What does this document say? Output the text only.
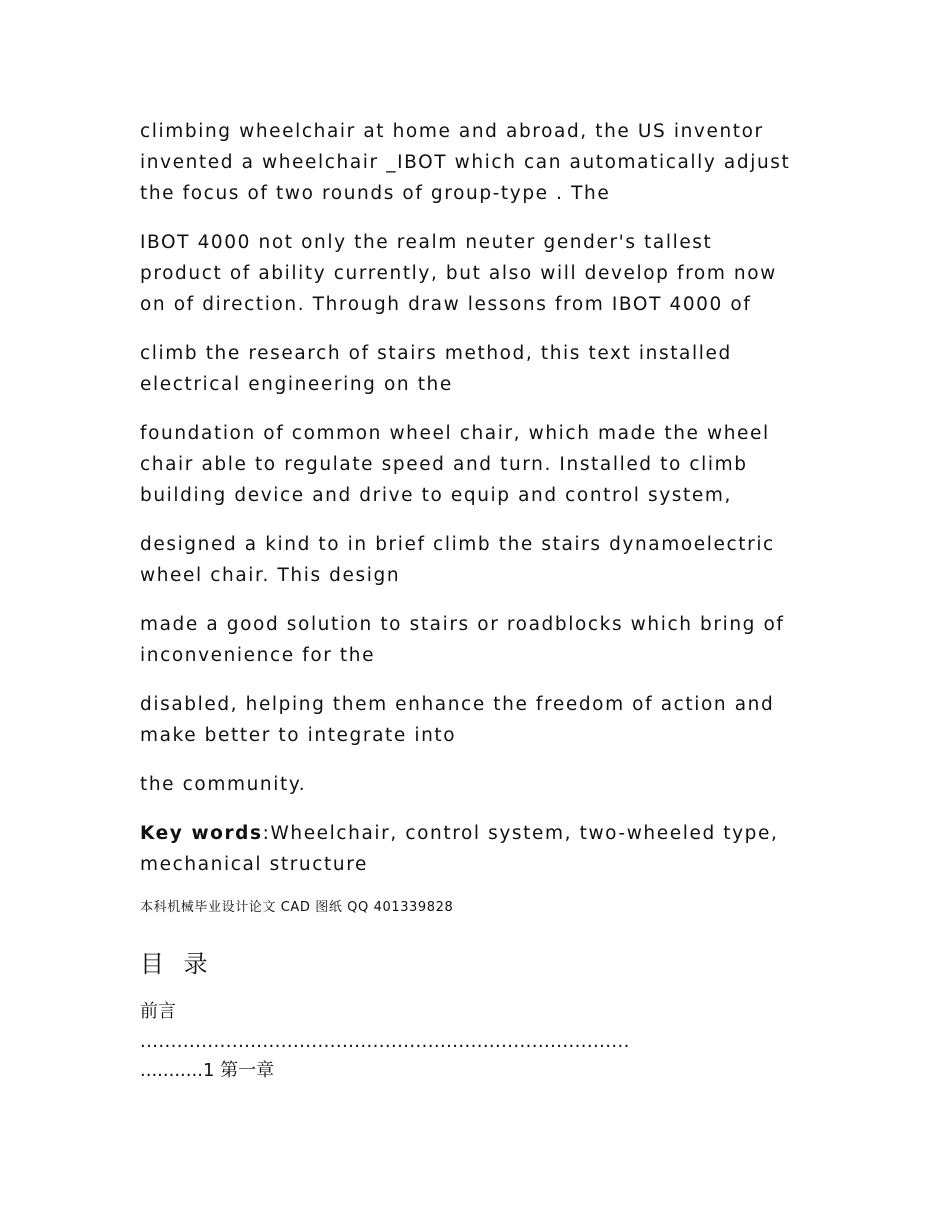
climbing wheelchair at home and abroad, the US inventor
invented a wheelchair _IBOT which can automatically adjust
the focus of two rounds of group-type . The

IBOT 4000 not only the realm neuter gender's tallest
product of ability currently, but also will develop from now
on of direction. Through draw lessons from IBOT 4000 of

climb the research of stairs method, this text installed
electrical engineering on the

foundation of common wheel chair, which made the wheel
chair able to regulate speed and turn. Installed to climb
building device and drive to equip and control system,

designed a kind to in brief climb the stairs dynamoelectric
wheel chair. This design

made a good solution to stairs or roadblocks which bring of
inconvenience for the

disabled, helping them enhance the freedom of action and
make better to integrate into

the community.

Key words:Wheelchair, control system, two-wheeled type,
mechanical structure

本科机械毕业设计论文 CAD 图纸 QQ 401339828

目 录
前言
................................................................................
...........1 第一章
